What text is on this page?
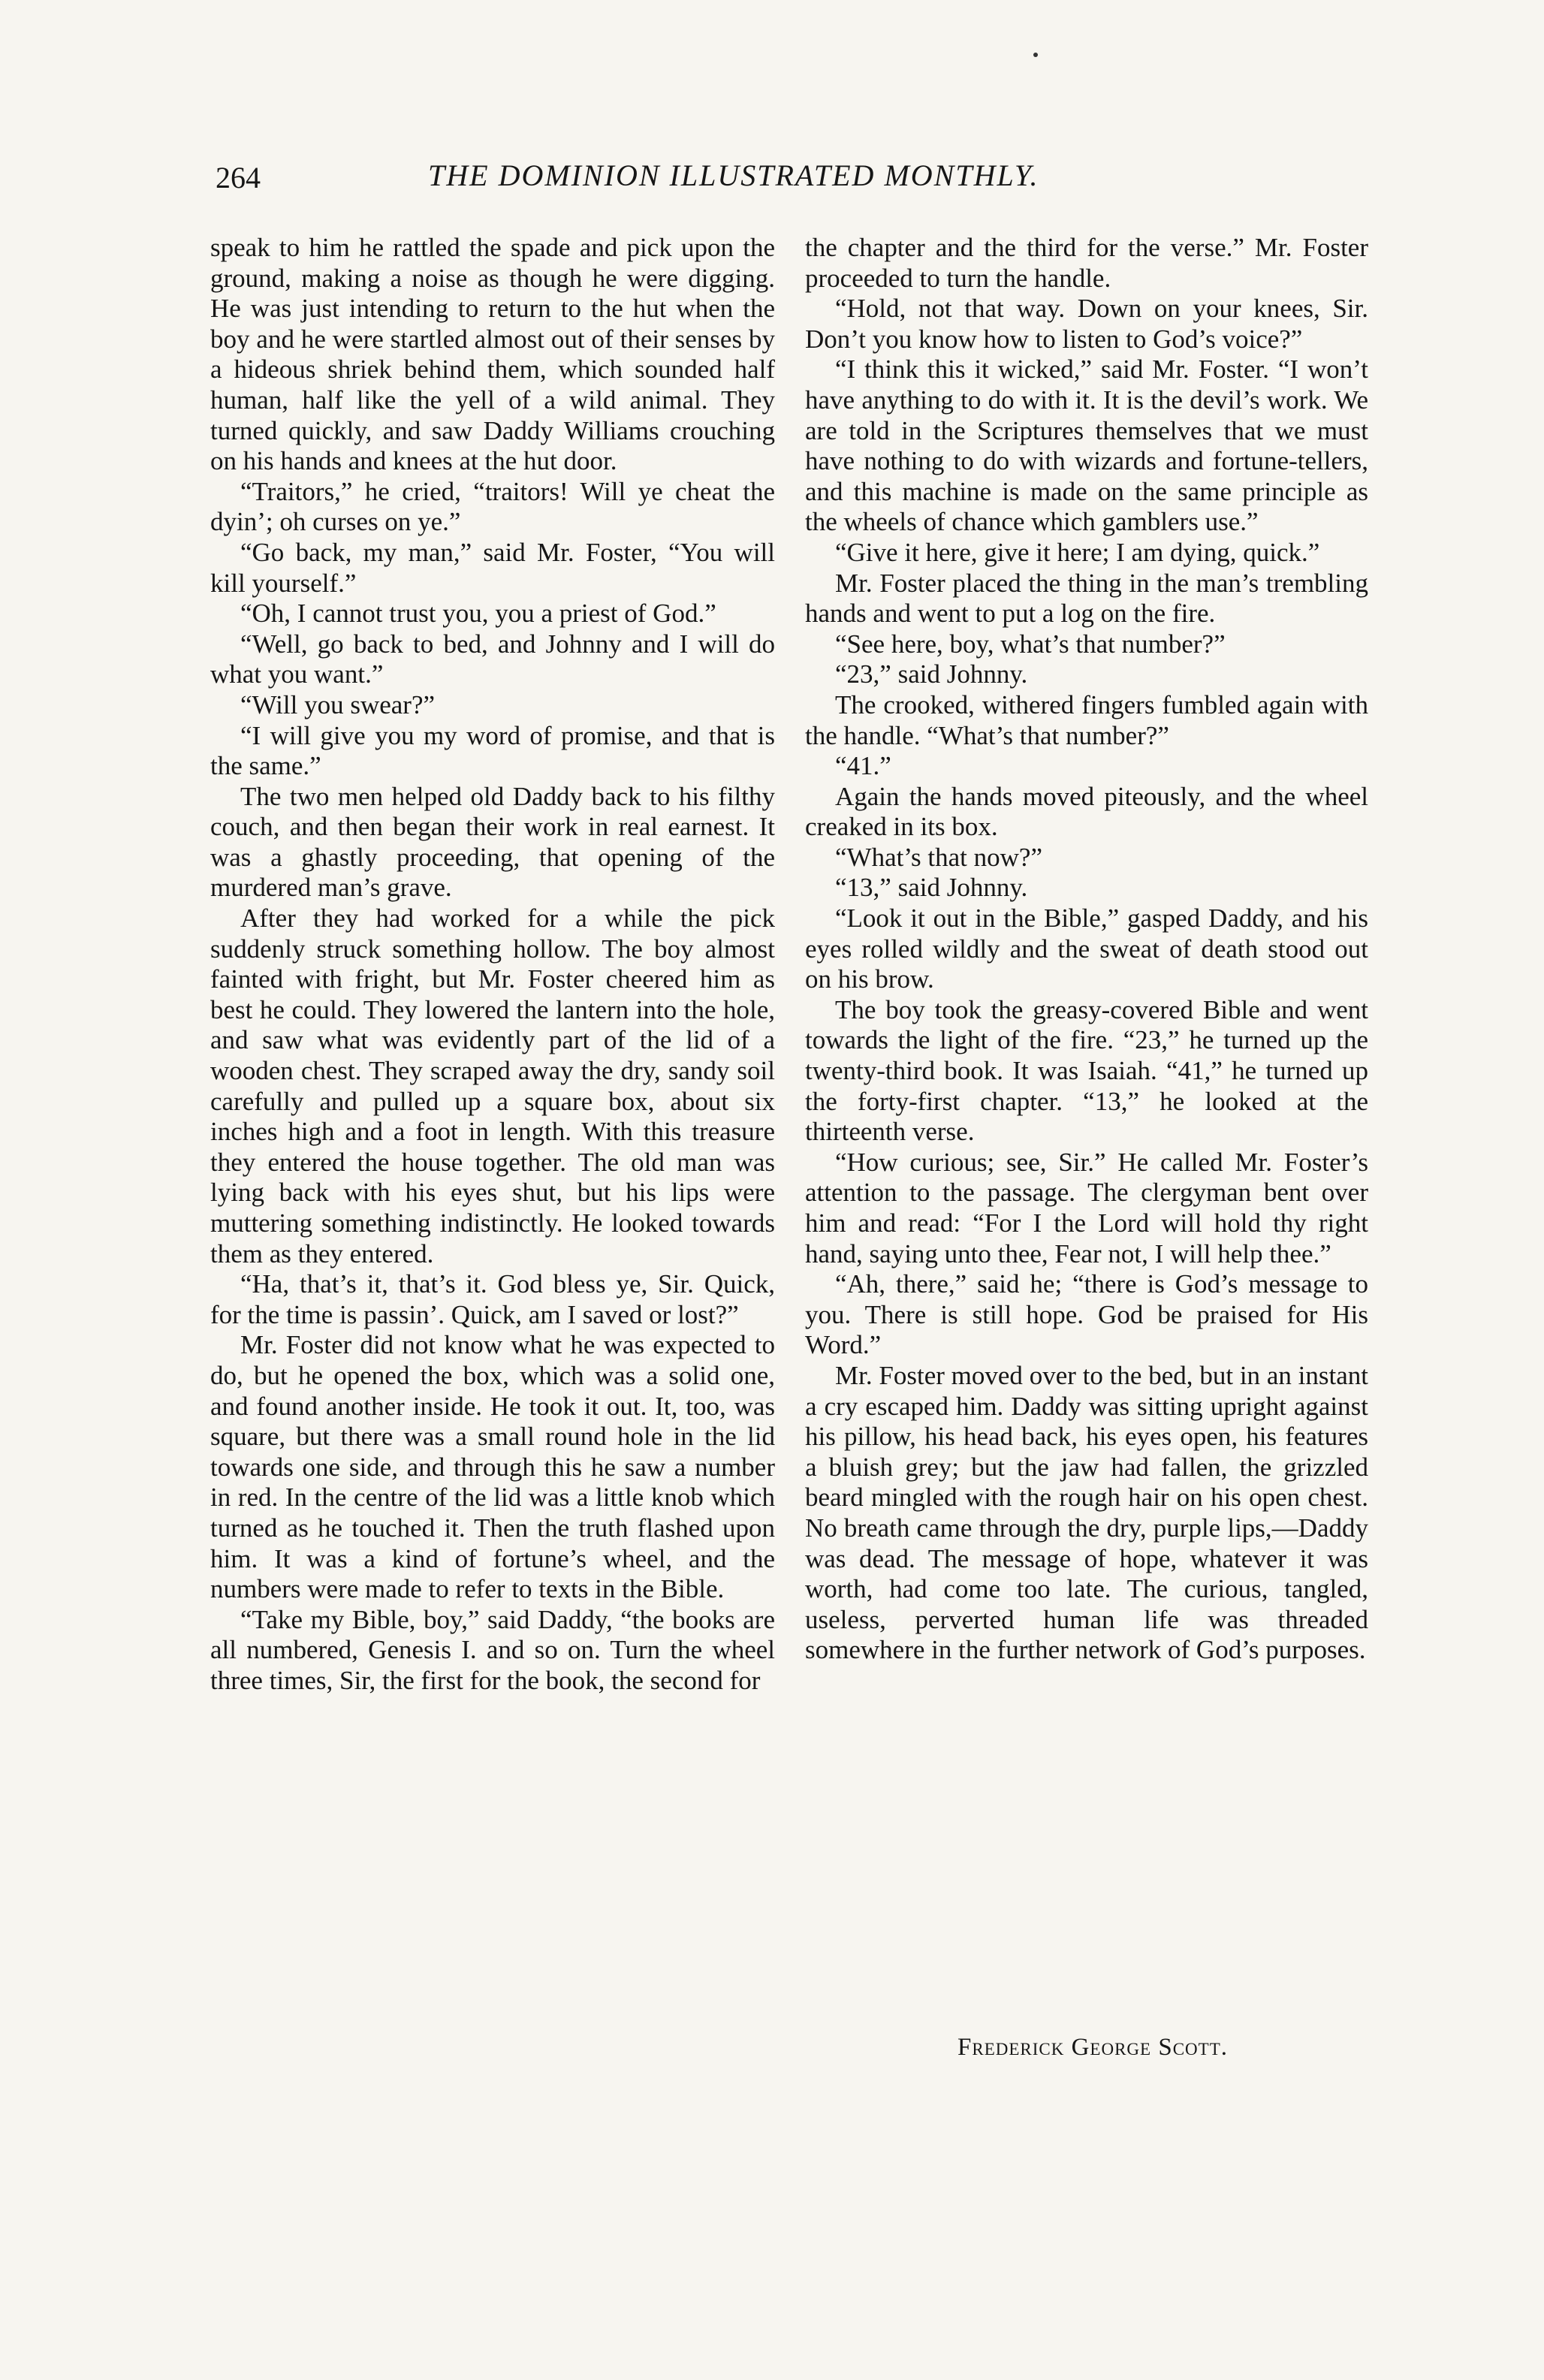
264	THE DOMINION ILLUSTRATED MONTHLY.

speak to him he rattled the spade and pick upon the ground, making a noise as though he were digging. He was just intending to return to the hut when the boy and he were startled almost out of their senses by a hideous shriek behind them, which sounded half human, half like the yell of a wild animal. They turned quickly, and saw Daddy Williams crouching on his hands and knees at the hut door.

“Traitors,” he cried, “traitors! Will ye cheat the dyin’; oh curses on ye.”

“Go back, my man,” said Mr. Foster, “You will kill yourself.”

“Oh, I cannot trust you, you a priest of God.”

“Well, go back to bed, and Johnny and I will do what you want.”

“Will you swear?”

“I will give you my word of promise, and that is the same.”

The two men helped old Daddy back to his filthy couch, and then began their work in real earnest. It was a ghastly proceeding, that opening of the murdered man’s grave.

After they had worked for a while the pick suddenly struck something hollow. The boy almost fainted with fright, but Mr. Foster cheered him as best he could. They lowered the lantern into the hole, and saw what was evidently part of the lid of a wooden chest. They scraped away the dry, sandy soil carefully and pulled up a square box, about six inches high and a foot in length. With this treasure they entered the house together. The old man was lying back with his eyes shut, but his lips were muttering something indistinctly. He looked towards them as they entered.

“Ha, that’s it, that’s it. God bless ye, Sir. Quick, for the time is passin’. Quick, am I saved or lost?”

Mr. Foster did not know what he was expected to do, but he opened the box, which was a solid one, and found another inside. He took it out. It, too, was square, but there was a small round hole in the lid towards one side, and through this he saw a number in red. In the centre of the lid was a little knob which turned as he touched it. Then the truth flashed upon him. It was a kind of fortune’s wheel, and the numbers were made to refer to texts in the Bible.

“Take my Bible, boy,” said Daddy, “the books are all numbered, Genesis I. and so on. Turn the wheel three times, Sir, the first for the book, the second for

the chapter and the third for the verse.” Mr. Foster proceeded to turn the handle.

“Hold, not that way. Down on your knees, Sir. Don’t you know how to listen to God’s voice?”

“I think this it wicked,” said Mr. Foster. “I won’t have anything to do with it. It is the devil’s work. We are told in the Scriptures themselves that we must have nothing to do with wizards and fortune-tellers, and this machine is made on the same principle as the wheels of chance which gamblers use.”

“Give it here, give it here; I am dying, quick.”

Mr. Foster placed the thing in the man’s trembling hands and went to put a log on the fire.

“See here, boy, what’s that number?”

“23,” said Johnny.

The crooked, withered fingers fumbled again with the handle. “What’s that number?”

“41.”

Again the hands moved piteously, and the wheel creaked in its box.

“What’s that now?”

“13,” said Johnny.

“Look it out in the Bible,” gasped Daddy, and his eyes rolled wildly and the sweat of death stood out on his brow.

The boy took the greasy-covered Bible and went towards the light of the fire. “23,” he turned up the twenty-third book. It was Isaiah. “41,” he turned up the forty-first chapter. “13,” he looked at the thirteenth verse.

“How curious; see, Sir.” He called Mr. Foster’s attention to the passage. The clergyman bent over him and read: “For I the Lord will hold thy right hand, saying unto thee, Fear not, I will help thee.”

“Ah, there,” said he; “there is God’s message to you. There is still hope. God be praised for His Word.”

Mr. Foster moved over to the bed, but in an instant a cry escaped him. Daddy was sitting upright against his pillow, his head back, his eyes open, his features a bluish grey; but the jaw had fallen, the grizzled beard mingled with the rough hair on his open chest. No breath came through the dry, purple lips,—Daddy was dead. The message of hope, whatever it was worth, had come too late. The curious, tangled, useless, perverted human life was threaded somewhere in the further network of God’s purposes.

Frederick George Scott.
